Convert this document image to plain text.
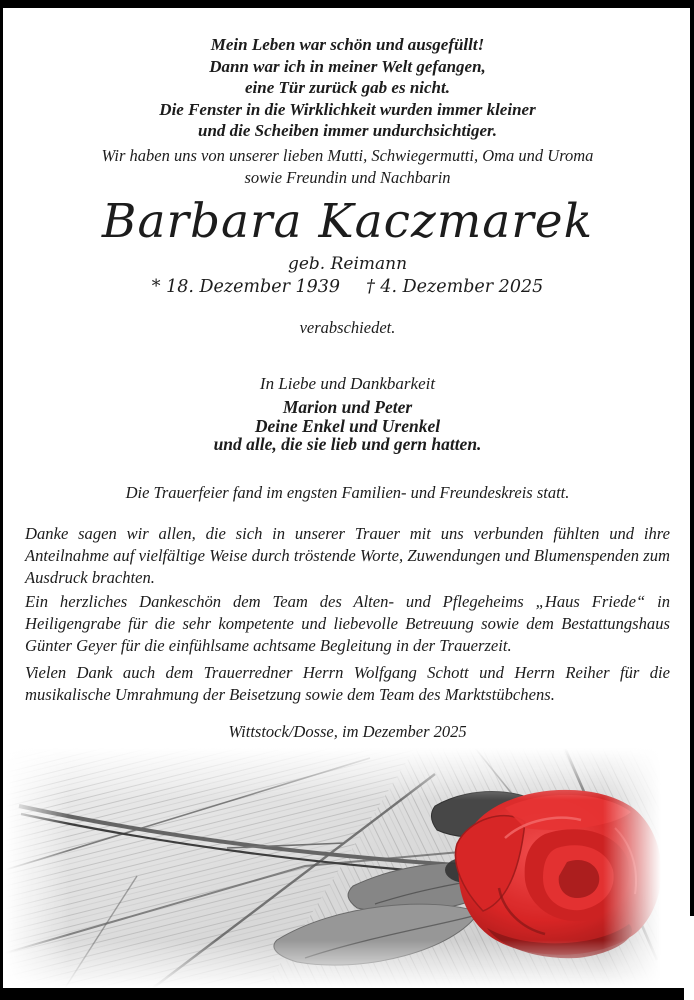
Mein Leben war schön und ausgefüllt!
Dann war ich in meiner Welt gefangen,
eine Tür zurück gab es nicht.
Die Fenster in die Wirklichkeit wurden immer kleiner
und die Scheiben immer undurchsichtiger.
Wir haben uns von unserer lieben Mutti, Schwiegermutti, Oma und Uroma
sowie Freundin und Nachbarin
Barbara Kaczmarek
geb. Reimann
* 18. Dezember 1939 † 4. Dezember 2025
verabschiedet.
In Liebe und Dankbarkeit
Marion und Peter
Deine Enkel und Urenkel
und alle, die sie lieb und gern hatten.
Die Trauerfeier fand im engsten Familien- und Freundeskreis statt.
Danke sagen wir allen, die sich in unserer Trauer mit uns verbunden fühlten und ihre Anteilnahme auf vielfältige Weise durch tröstende Worte, Zuwendungen und Blumenspenden zum Ausdruck brachten.
Ein herzliches Dankeschön dem Team des Alten- und Pflegeheims „Haus Friede“ in Heiligengrabe für die sehr kompetente und liebevolle Betreuung sowie dem Bestattungshaus Günter Geyer für die einfühlsame achtsame Begleitung in der Trauerzeit.
Vielen Dank auch dem Trauerredner Herrn Wolfgang Schott und Herrn Reiher für die musikalische Umrahmung der Beisetzung sowie dem Team des Marktstübchens.
Wittstock/Dosse, im Dezember 2025
